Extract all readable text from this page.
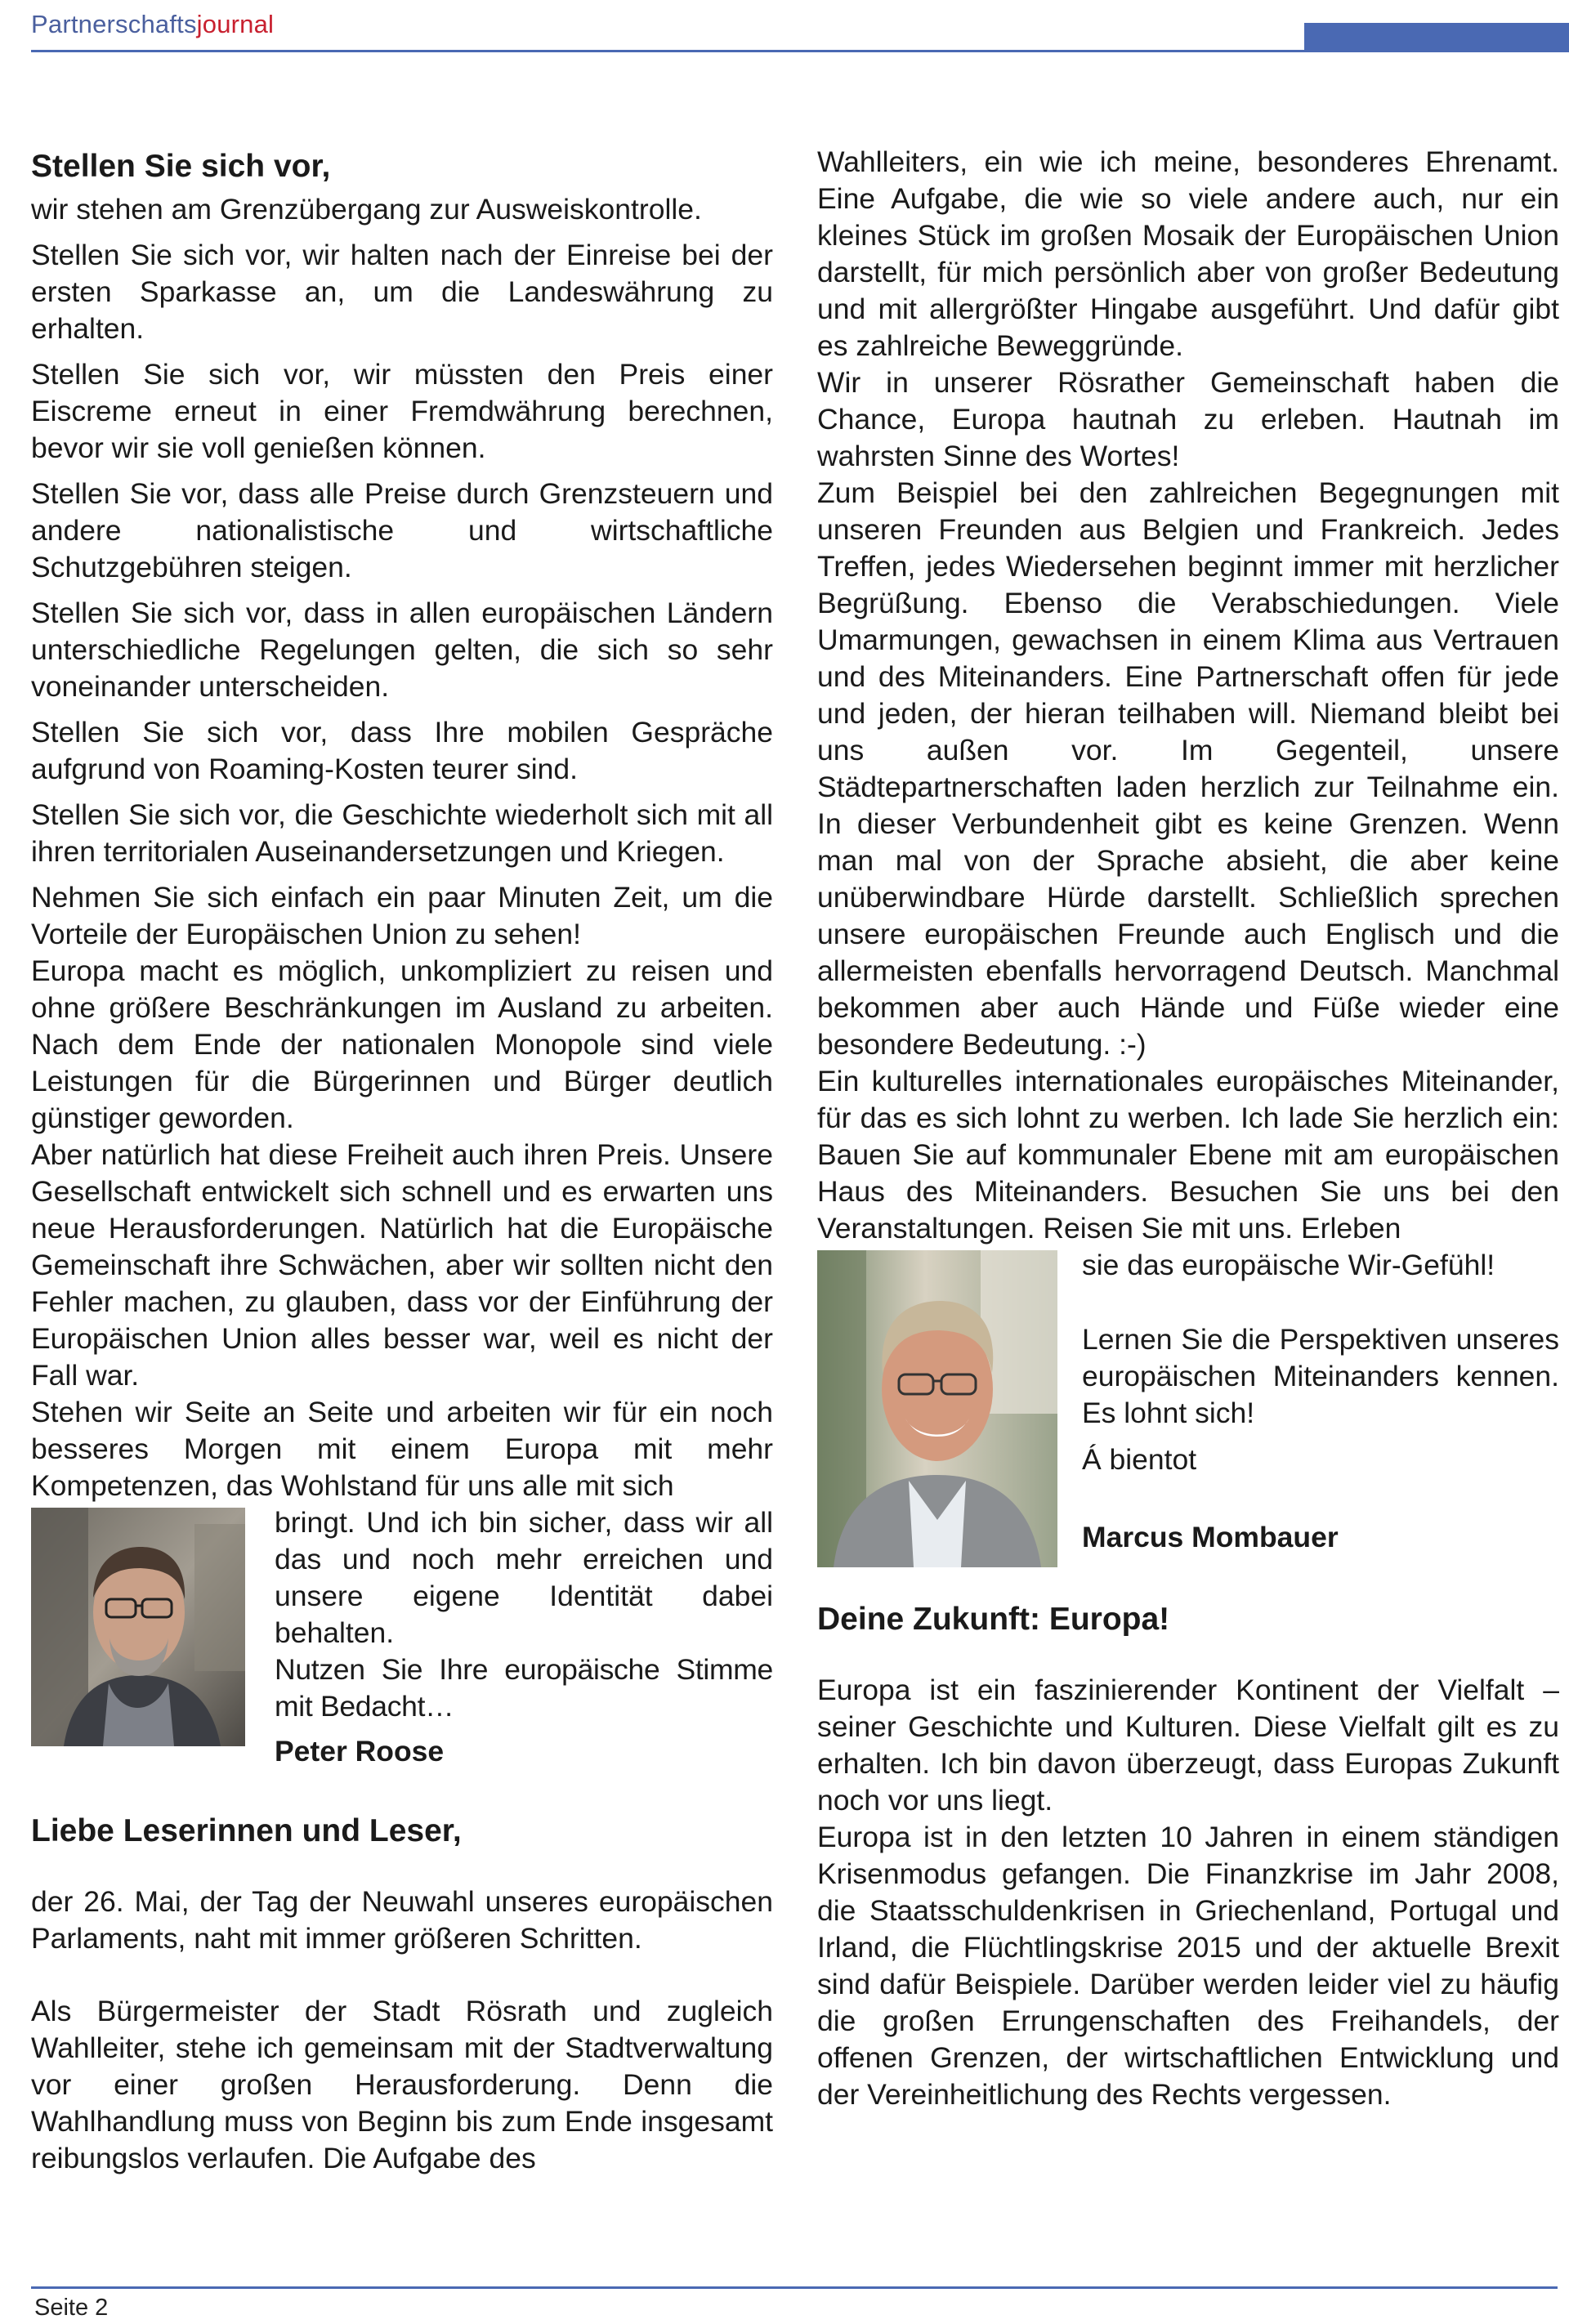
Partnerschaftsjournal
Stellen Sie sich vor,

wir stehen am Grenzübergang zur Ausweiskontrolle.

Stellen Sie sich vor, wir halten nach der Einreise bei der ersten Sparkasse an, um die Landeswährung zu erhalten.

Stellen Sie sich vor, wir müssten den Preis einer Eiscreme erneut in einer Fremdwährung berechnen, bevor wir sie voll genießen können.

Stellen Sie vor, dass alle Preise durch Grenzsteuern und andere nationalistische und wirtschaftliche Schutzgebühren steigen.

Stellen Sie sich vor, dass in allen europäischen Ländern unterschiedliche Regelungen gelten, die sich so sehr voneinander unterscheiden.

Stellen Sie sich vor, dass Ihre mobilen Gespräche aufgrund von Roaming-Kosten teurer sind.

Stellen Sie sich vor, die Geschichte wiederholt sich mit all ihren territorialen Auseinandersetzungen und Kriegen.

Nehmen Sie sich einfach ein paar Minuten Zeit, um die Vorteile der Europäischen Union zu sehen!

Europa macht es möglich, unkompliziert zu reisen und ohne größere Beschränkungen im Ausland zu arbeiten. Nach dem Ende der nationalen Monopole sind viele Leistungen für die Bürgerinnen und Bürger deutlich günstiger geworden.

Aber natürlich hat diese Freiheit auch ihren Preis. Unsere Gesellschaft entwickelt sich schnell und es erwarten uns neue Herausforderungen. Natürlich hat die Europäische Gemeinschaft ihre Schwächen, aber wir sollten nicht den Fehler machen, zu glauben, dass vor der Einführung der Europäischen Union alles besser war, weil es nicht der Fall war.

Stehen wir Seite an Seite und arbeiten wir für ein noch besseres Morgen mit einem Europa mit mehr Kompetenzen, das Wohlstand für uns alle mit sich

bringt. Und ich bin sicher, dass wir all das und noch mehr erreichen und unsere eigene Identität dabei behalten.

Nutzen Sie Ihre europäische Stimme mit Bedacht…

Peter Roose

Liebe Leserinnen und Leser,

der 26. Mai, der Tag der Neuwahl unseres europäischen Parlaments, naht mit immer größeren Schritten.

Als Bürgermeister der Stadt Rösrath und zugleich Wahlleiter, stehe ich gemeinsam mit der Stadtverwaltung vor einer großen Herausforderung. Denn die Wahlhandlung muss von Beginn bis zum Ende insgesamt reibungslos verlaufen. Die Aufgabe des

Wahlleiters, ein wie ich meine, besonderes Ehrenamt. Eine Aufgabe, die wie so viele andere auch, nur ein kleines Stück im großen Mosaik der Europäischen Union darstellt, für mich persönlich aber von großer Bedeutung und mit allergrößter Hingabe ausgeführt. Und dafür gibt es zahlreiche Beweggründe.

Wir in unserer Rösrather Gemeinschaft haben die Chance, Europa hautnah zu erleben. Hautnah im wahrsten Sinne des Wortes!

Zum Beispiel bei den zahlreichen Begegnungen mit unseren Freunden aus Belgien und Frankreich. Jedes Treffen, jedes Wiedersehen beginnt immer mit herzlicher Begrüßung. Ebenso die Verabschiedungen. Viele Umarmungen, gewachsen in einem Klima aus Vertrauen und des Miteinanders. Eine Partnerschaft offen für jede und jeden, der hieran teilhaben will. Niemand bleibt bei uns außen vor. Im Gegenteil, unsere Städtepartnerschaften laden herzlich zur Teilnahme ein. In dieser Verbundenheit gibt es keine Grenzen. Wenn man mal von der Sprache absieht, die aber keine unüberwindbare Hürde darstellt. Schließlich sprechen unsere europäischen Freunde auch Englisch und die allermeisten ebenfalls hervorragend Deutsch. Manchmal bekommen aber auch Hände und Füße wieder eine besondere Bedeutung. :-)

Ein kulturelles internationales europäisches Miteinander, für das es sich lohnt zu werben. Ich lade Sie herzlich ein: Bauen Sie auf kommunaler Ebene mit am europäischen Haus des Miteinanders. Besuchen Sie uns bei den Veranstaltungen. Reisen Sie mit uns. Erleben

sie das europäische Wir-Gefühl!

Lernen Sie die Perspektiven unseres europäischen Miteinanders kennen. Es lohnt sich!

Á bientot

Marcus Mombauer

Deine Zukunft: Europa!

Europa ist ein faszinierender Kontinent der Vielfalt – seiner Geschichte und Kulturen. Diese Vielfalt gilt es zu erhalten. Ich bin davon überzeugt, dass Europas Zukunft noch vor uns liegt.

Europa ist in den letzten 10 Jahren in einem ständigen Krisenmodus gefangen. Die Finanzkrise im Jahr 2008, die Staatsschuldenkrisen in Griechenland, Portugal und Irland, die Flüchtlingskrise 2015 und der aktuelle Brexit sind dafür Beispiele. Darüber werden leider viel zu häufig die großen Errungenschaften des Freihandels, der offenen Grenzen, der wirtschaftlichen Entwicklung und der Vereinheitlichung des Rechts vergessen.

Seite 2
